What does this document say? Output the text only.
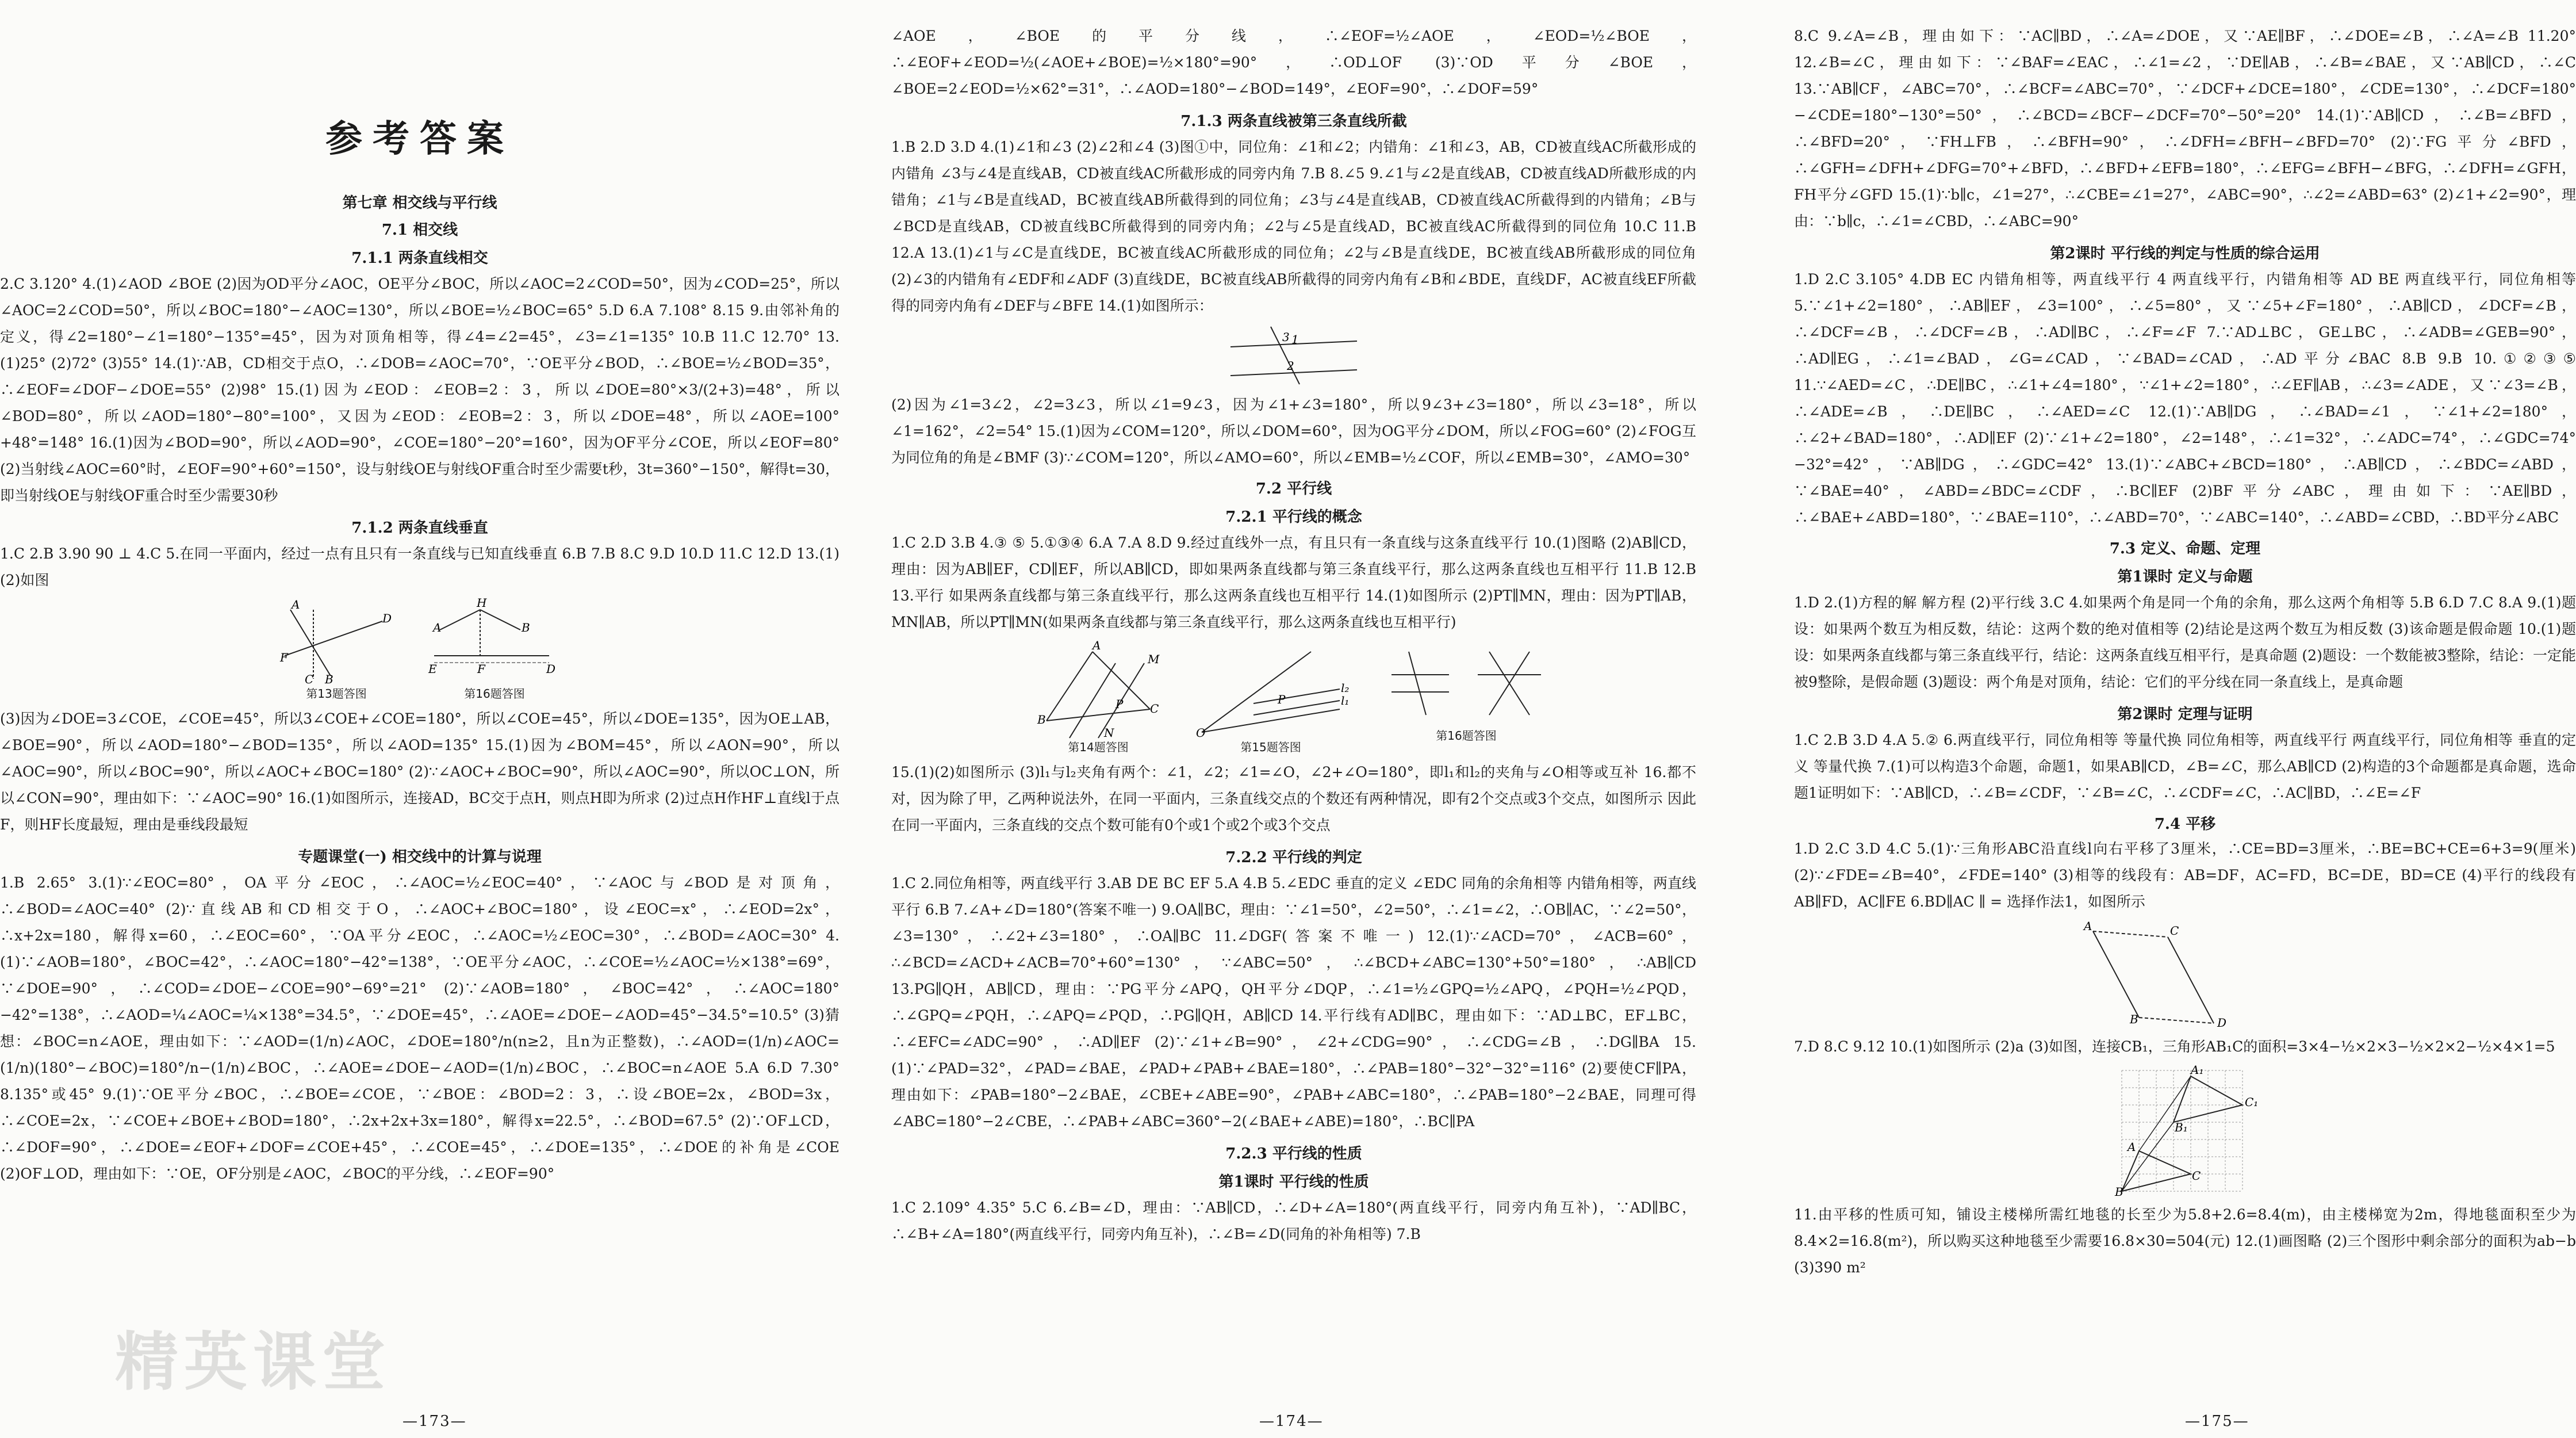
参考答案
第七章 相交线与平行线
7.1 相交线
7.1.1 两条直线相交

2.C 3.120° 4.(1)∠AOD ∠BOE (2)因为OD平分∠AOC，OE平分∠BOC，所以∠AOC=2∠COD=50°，因为∠COD=25°，所以∠AOC=2∠COD=50°，所以∠BOC=180°−∠AOC=130°，所以∠BOE=½∠BOC=65° 5.D 6.A 7.108° 8.15 9.由邻补角的定义，得∠2=180°−∠1=180°−135°=45°，因为对顶角相等，得∠4=∠2=45°，∠3=∠1=135° 10.B 11.C 12.70° 13.(1)25° (2)72° (3)55° 14.(1)∵AB，CD相交于点O，∴∠DOB=∠AOC=70°，∵OE平分∠BOD，∴∠BOE=½∠BOD=35°，∴∠EOF=∠DOF−∠DOE=55° (2)98° 15.(1)因为∠EOD：∠EOB=2：3，所以∠DOE=80°×3/(2+3)=48°，所以∠BOD=80°，所以∠AOD=180°−80°=100°，又因为∠EOD：∠EOB=2：3，所以∠DOE=48°，所以∠AOE=100°+48°=148° 16.(1)因为∠BOD=90°，所以∠AOD=90°，∠COE=180°−20°=160°，因为OF平分∠COE，所以∠EOF=80° (2)当射线∠AOC=60°时，∠EOF=90°+60°=150°，设与射线OE与射线OF重合时至少需要t秒，3t=360°−150°，解得t=30，即当射线OE与射线OF重合时至少需要30秒

7.1.2 两条直线垂直

1.C 2.B 3.90 90 ⊥ 4.C 5.在同一平面内，经过一点有且只有一条直线与已知直线垂直 6.B 7.B 8.C 9.D 10.D 11.C 12.D 13.(1)(2)如图

A
D
F
C B
第13题答图
A
H
B
E	F	D
第16题答图

(3)因为∠DOE=3∠COE，∠COE=45°，所以3∠COE+∠COE=180°，所以∠COE=45°，所以∠DOE=135°，因为OE⊥AB，∠BOE=90°，所以∠AOD=180°−∠BOD=135°，所以∠AOD=135° 15.(1)因为∠BOM=45°，所以∠AON=90°，所以∠AOC=90°，所以∠BOC=90°，所以∠AOC+∠BOC=180° (2)∵∠AOC+∠BOC=90°，所以∠AOC=90°，所以OC⊥ON，所以∠CON=90°，理由如下：∵∠AOC=90° 16.(1)如图所示，连接AD，BC交于点H，则点H即为所求 (2)过点H作HF⊥直线l于点F，则HF长度最短，理由是垂线段最短

专题课堂(一) 相交线中的计算与说理

1.B 2.65° 3.(1)∵∠EOC=80°，OA平分∠EOC，∴∠AOC=½∠EOC=40°，∵∠AOC与∠BOD是对顶角，∴∠BOD=∠AOC=40° (2)∵直线AB和CD相交于O，∴∠AOC+∠BOC=180°，设∠EOC=x°，∴∠EOD=2x°，∴x+2x=180，解得x=60，∴∠EOC=60°，∵OA平分∠EOC，∴∠AOC=½∠EOC=30°，∴∠BOD=∠AOC=30° 4.(1)∵∠AOB=180°，∠BOC=42°，∴∠AOC=180°−42°=138°，∵OE平分∠AOC，∴∠COE=½∠AOC=½×138°=69°，∵∠DOE=90°，∴∠COD=∠DOE−∠COE=90°−69°=21° (2)∵∠AOB=180°，∠BOC=42°，∴∠AOC=180°−42°=138°，∴∠AOD=¼∠AOC=¼×138°=34.5°，∵∠DOE=45°，∴∠AOE=∠DOE−∠AOD=45°−34.5°=10.5° (3)猜想：∠BOC=n∠AOE，理由如下：∵∠AOD=(1/n)∠AOC，∠DOE=180°/n(n≥2，且n为正整数)，∴∠AOD=(1/n)∠AOC=(1/n)(180°−∠BOC)=180°/n−(1/n)∠BOC，∴∠AOE=∠DOE−∠AOD=(1/n)∠BOC，∴∠BOC=n∠AOE 5.A 6.D 7.30° 8.135°或45° 9.(1)∵OE平分∠BOC，∴∠BOE=∠COE，∵∠BOE：∠BOD=2：3，∴设∠BOE=2x，∠BOD=3x，∴∠COE=2x，∵∠COE+∠BOE+∠BOD=180°，∴2x+2x+3x=180°，解得x=22.5°，∴∠BOD=67.5° (2)∵OF⊥CD，∴∠DOF=90°，∴∠DOE=∠EOF+∠DOF=∠COE+45°，∴∠COE=45°，∴∠DOE=135°，∴∠DOE的补角是∠COE (2)OF⊥OD，理由如下：∵OE，OF分别是∠AOC，∠BOC的平分线，∴∠EOF=90°

∠AOE，∠BOE的平分线，∴∠EOF=½∠AOE，∠EOD=½∠BOE，∴∠EOF+∠EOD=½(∠AOE+∠BOE)=½×180°=90°，∴OD⊥OF (3)∵OD平分∠BOE，∠BOE=2∠EOD=½×62°=31°，∴∠AOD=180°−∠BOD=149°，∠EOF=90°，∴∠DOF=59°

7.1.3 两条直线被第三条直线所截

1.B 2.D 3.D 4.(1)∠1和∠3 (2)∠2和∠4 (3)图①中，同位角：∠1和∠2；内错角：∠1和∠3，AB，CD被直线AC所截形成的内错角 ∠3与∠4是直线AB，CD被直线AC所截形成的同旁内角 7.B 8.∠5 9.∠1与∠2是直线AB，CD被直线AD所截形成的内错角；∠1与∠B是直线AD，BC被直线AB所截得到的同位角；∠3与∠4是直线AB，CD被直线AC所截得到的内错角；∠B与∠BCD是直线AB，CD被直线BC所截得到的同旁内角；∠2与∠5是直线AD，BC被直线AC所截得到的同位角 10.C 11.B 12.A 13.(1)∠1与∠C是直线DE，BC被直线AC所截形成的同位角；∠2与∠B是直线DE，BC被直线AB所截形成的同位角 (2)∠3的内错角有∠EDF和∠ADF (3)直线DE，BC被直线AB所截得的同旁内角有∠B和∠BDE，直线DF，AC被直线EF所截得的同旁内角有∠DEF与∠BFE 14.(1)如图所示：

3 1
2

(2)因为∠1=3∠2，∠2=3∠3，所以∠1=9∠3，因为∠1+∠3=180°，所以9∠3+∠3=180°，所以∠3=18°，所以∠1=162°，∠2=54° 15.(1)因为∠COM=120°，所以∠DOM=60°，因为OG平分∠DOM，所以∠FOG=60° (2)∠FOG互为同位角的角是∠BMF (3)∵∠COM=120°，所以∠AMO=60°，所以∠EMB=½∠COF，所以∠EMB=30°，∠AMO=30°

7.2 平行线
7.2.1 平行线的概念

1.C 2.D 3.B 4.③ ⑤ 5.①③④ 6.A 7.A 8.D 9.经过直线外一点，有且只有一条直线与这条直线平行 10.(1)图略 (2)AB∥CD，理由：因为AB∥EF，CD∥EF，所以AB∥CD，即如果两条直线都与第三条直线平行，那么这两条直线也互相平行 11.B 12.B 13.平行 如果两条直线都与第三条直线平行，那么这两条直线也互相平行 14.(1)如图所示 (2)PT∥MN，理由：因为PT∥AB，MN∥AB，所以PT∥MN(如果两条直线都与第三条直线平行，那么这两条直线也互相平行)

A
B
M
P C
N
第14题答图
O
P
l₂
l₁
第15题答图
第16题答图

15.(1)(2)如图所示 (3)l₁与l₂夹角有两个：∠1，∠2；∠1=∠O，∠2+∠O=180°，即l₁和l₂的夹角与∠O相等或互补 16.都不对，因为除了甲，乙两种说法外，在同一平面内，三条直线交点的个数还有两种情况，即有2个交点或3个交点，如图所示 因此在同一平面内，三条直线的交点个数可能有0个或1个或2个或3个交点

7.2.2 平行线的判定

1.C 2.同位角相等，两直线平行 3.AB DE BC EF 5.A 4.B 5.∠EDC 垂直的定义 ∠EDC 同角的余角相等 内错角相等，两直线平行 6.B 7.∠A+∠D=180°(答案不唯一) 9.OA∥BC，理由：∵∠1=50°，∠2=50°，∴∠1=∠2，∴OB∥AC，∵∠2=50°，∠3=130°，∴∠2+∠3=180°，∴OA∥BC 11.∠DGF(答案不唯一) 12.(1)∵∠ACD=70°，∠ACB=60°，∴∠BCD=∠ACD+∠ACB=70°+60°=130°，∵∠ABC=50°，∴∠BCD+∠ABC=130°+50°=180°，∴AB∥CD 13.PG∥QH，AB∥CD，理由：∵PG平分∠APQ，QH平分∠DQP，∴∠1=½∠GPQ=½∠APQ，∠PQH=½∠PQD，∴∠GPQ=∠PQH，∴∠APQ=∠PQD，∴PG∥QH，AB∥CD 14.平行线有AD∥BC，理由如下：∵AD⊥BC，EF⊥BC，∴∠EFC=∠ADC=90°，∴AD∥EF (2)∵∠1+∠B=90°，∠2+∠CDG=90°，∴∠CDG=∠B，∴DG∥BA 15.(1)∵∠PAD=32°，∠PAD=∠BAE，∠PAD+∠PAB+∠BAE=180°，∴∠PAB=180°−32°−32°=116° (2)要使CF∥PA，理由如下：∠PAB=180°−2∠BAE，∠CBE+∠ABE=90°，∠PAB+∠ABC=180°，∴∠PAB=180°−2∠BAE，同理可得∠ABC=180°−2∠CBE，∴∠PAB+∠ABC=360°−2(∠BAE+∠ABE)=180°，∴BC∥PA

7.2.3 平行线的性质
第1课时 平行线的性质

1.C 2.109° 4.35° 5.C 6.∠B=∠D，理由：∵AB∥CD，∴∠D+∠A=180°(两直线平行，同旁内角互补)，∵AD∥BC，∴∠B+∠A=180°(两直线平行，同旁内角互补)，∴∠B=∠D(同角的补角相等) 7.B

8.C 9.∠A=∠B，理由如下：∵AC∥BD，∴∠A=∠DOE，又∵AE∥BF，∴∠DOE=∠B，∴∠A=∠B 11.20° 12.∠B=∠C，理由如下：∵∠BAF=∠EAC，∴∠1=∠2，∵DE∥AB，∴∠B=∠BAE，又∵AB∥CD，∴∠C 13.∵AB∥CF，∠ABC=70°，∴∠BCF=∠ABC=70°，∵∠DCF+∠DCE=180°，∠CDE=130°，∴∠DCF=180°−∠CDE=180°−130°=50°，∴∠BCD=∠BCF−∠DCF=70°−50°=20° 14.(1)∵AB∥CD，∴∠B=∠BFD，∴∠BFD=20°，∵FH⊥FB，∴∠BFH=90°，∴∠DFH=∠BFH−∠BFD=70° (2)∵FG平分∠BFD，∴∠GFH=∠DFH+∠DFG=70°+∠BFD，∴∠BFD+∠EFB=180°，∴∠EFG=∠BFH−∠BFG，∴∠DFH=∠GFH，FH平分∠GFD 15.(1)∵b∥c，∠1=27°，∴∠CBE=∠1=27°，∠ABC=90°，∴∠2=∠ABD=63° (2)∠1+∠2=90°，理由：∵b∥c，∴∠1=∠CBD，∴∠ABC=90°

第2课时 平行线的判定与性质的综合运用

1.D 2.C 3.105° 4.DB EC 内错角相等，两直线平行 4 两直线平行，内错角相等 AD BE 两直线平行，同位角相等 5.∵∠1+∠2=180°，∴AB∥EF，∠3=100°，∴∠5=80°，又∵∠5+∠F=180°，∴AB∥CD，∠DCF=∠B，∴∠DCF=∠B，∴∠DCF=∠B，∴AD∥BC，∴∠F=∠F 7.∵AD⊥BC，GE⊥BC，∴∠ADB=∠GEB=90°，∴AD∥EG，∴∠1=∠BAD，∠G=∠CAD，∵∠BAD=∠CAD，∴AD平分∠BAC 8.B 9.B 10.①②③⑤ 11.∵∠AED=∠C，∴DE∥BC，∴∠1+∠4=180°，∵∠1+∠2=180°，∴∠EF∥AB，∴∠3=∠ADE，又∵∠3=∠B，∴∠ADE=∠B，∴DE∥BC，∴∠AED=∠C 12.(1)∵AB∥DG，∴∠BAD=∠1，∵∠1+∠2=180°，∴∠2+∠BAD=180°，∴AD∥EF (2)∵∠1+∠2=180°，∠2=148°，∴∠1=32°，∴∠ADC=74°，∴∠GDC=74°−32°=42°，∵AB∥DG，∴∠GDC=42° 13.(1)∵∠ABC+∠BCD=180°，∴AB∥CD，∴∠BDC=∠ABD，∵∠BAE=40°，∠ABD=∠BDC=∠CDF，∴BC∥EF (2)BF平分∠ABC，理由如下：∵AE∥BD，∴∠BAE+∠ABD=180°，∵∠BAE=110°，∴∠ABD=70°，∵∠ABC=140°，∴∠ABD=∠CBD，∴BD平分∠ABC

7.3 定义、命题、定理
第1课时 定义与命题

1.D 2.(1)方程的解 解方程 (2)平行线 3.C 4.如果两个角是同一个角的余角，那么这两个角相等 5.B 6.D 7.C 8.A 9.(1)题设：如果两个数互为相反数，结论：这两个数的绝对值相等 (2)结论是这两个数互为相反数 (3)该命题是假命题 10.(1)题设：如果两条直线都与第三条直线平行，结论：这两条直线互相平行，是真命题 (2)题设：一个数能被3整除，结论：一定能被9整除，是假命题 (3)题设：两个角是对顶角，结论：它们的平分线在同一条直线上，是真命题

第2课时 定理与证明

1.C 2.B 3.D 4.A 5.② 6.两直线平行，同位角相等 等量代换 同位角相等，两直线平行 两直线平行，同位角相等 垂直的定义 等量代换 7.(1)可以构造3个命题，命题1，如果AB∥CD，∠B=∠C，那么AB∥CD (2)构造的3个命题都是真命题，选命题1证明如下：∵AB∥CD，∴∠B=∠CDF，∵∠B=∠C，∴∠CDF=∠C，∴AC∥BD，∴∠E=∠F

7.4 平移

1.D 2.C 3.D 4.C 5.(1)∵三角形ABC沿直线l向右平移了3厘米，∴CE=BD=3厘米，∴BE=BC+CE=6+3=9(厘米) (2)∵∠FDE=∠B=40°，∠FDE=140° (3)相等的线段有：AB=DF，AC=FD，BC=DE，BD=CE (4)平行的线段有AB∥FD，AC∥FE 6.BD∥AC ∥ = 选择作法1，如图所示

A	C
B	D

7.D 8.C 9.12 10.(1)如图所示 (2)a (3)如图，连接CB₁，三角形AB₁C的面积=3×4−½×2×3−½×2×2−½×4×1=5

A₁
B₁
C₁
A
B
C

11.由平移的性质可知，铺设主楼梯所需红地毯的长至少为5.8+2.6=8.4(m)，由主楼梯宽为2m，得地毯面积至少为8.4×2=16.8(m²)，所以购买这种地毯至少需要16.8×30=504(元) 12.(1)画图略 (2)三个图形中剩余部分的面积为ab−b (3)390 m²

精英课堂
—173—	—174—	—175—
